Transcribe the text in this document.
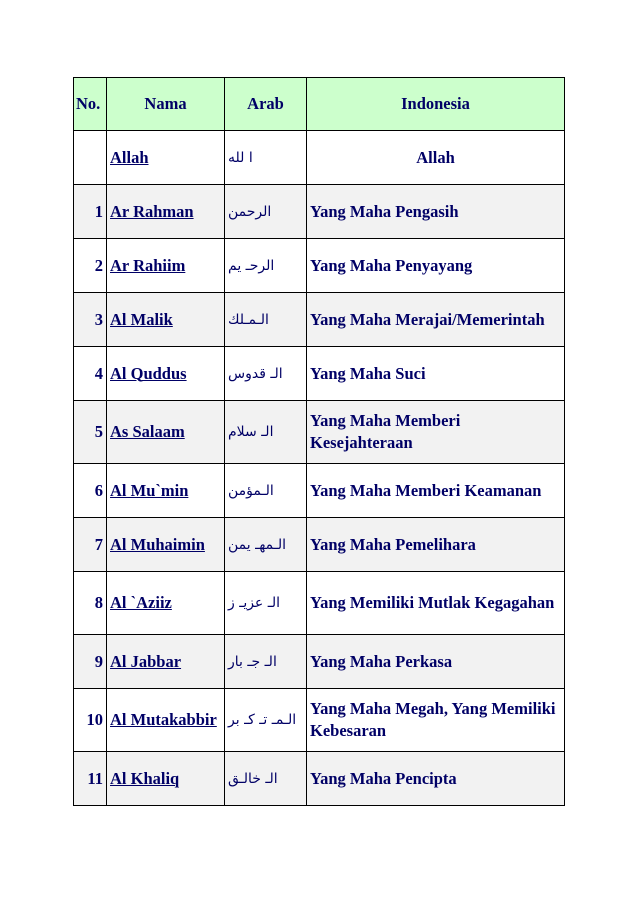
No.	Nama	Arab	Indonesia
	Allah	ا لله	Allah
1	Ar Rahman	الرحمن	Yang Maha Pengasih
2	Ar Rahiim	الرحـ يم	Yang Maha Penyayang
3	Al Malik	الـمـلك	Yang Maha Merajai/Memerintah
4	Al Quddus	الـ قدوس	Yang Maha Suci
5	As Salaam	الـ سلام	Yang Maha Memberi Kesejahteraan
6	Al Mu`min	الـمؤمن	Yang Maha Memberi Keamanan
7	Al Muhaimin	الـمهـ يمن	Yang Maha Pemelihara
8	Al `Aziiz	الـ عزيـ ز	Yang Memiliki Mutlak Kegagahan
9	Al Jabbar	الـ جـ بار	Yang Maha Perkasa
10	Al Mutakabbir	الـمـ تـ كـ بر	Yang Maha Megah, Yang Memiliki Kebesaran
11	Al Khaliq	الـ خالـق	Yang Maha Pencipta
